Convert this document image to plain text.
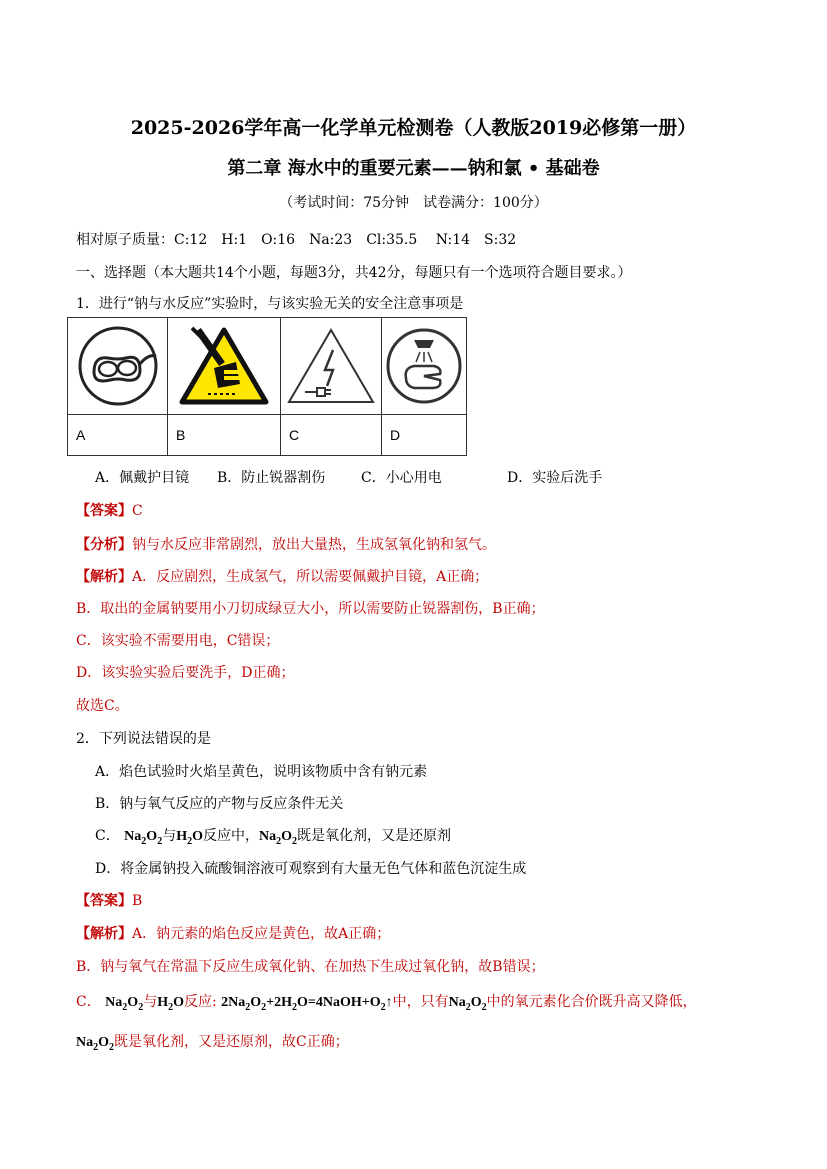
2025-2026学年高一化学单元检测卷（人教版2019必修第一册）
第二章 海水中的重要元素——钠和氯 • 基础卷
（考试时间：75分钟　试卷满分：100分）
相对原子质量：C:12　H:1　O:16　Na:23　Cl:35.5　 N:14　S:32
一、选择题（本大题共14个小题，每题3分，共42分，每题只有一个选项符合题目要求。）
1．进行“钠与水反应”实验时，与该实验无关的安全注意事项是

A	B	C	D
A．佩戴护目镜 B．防止锐器割伤	C．小心用电	D．实验后洗手
【答案】C
【分析】钠与水反应非常剧烈，放出大量热，生成氢氧化钠和氢气。
【解析】A．反应剧烈，生成氢气，所以需要佩戴护目镜，A正确；
B．取出的金属钠要用小刀切成绿豆大小，所以需要防止锐器割伤，B正确；
C．该实验不需要用电，C错误；
D．该实验实验后要洗手，D正确；
故选C。
2．下列说法错误的是
A．焰色试验时火焰呈黄色，说明该物质中含有钠元素
B．钠与氧气反应的产物与反应条件无关
C． $Na_2O_2$与$H_2O$反应中，$Na_2O_2$既是氧化剂，又是还原剂
D．将金属钠投入硫酸铜溶液可观察到有大量无色气体和蓝色沉淀生成
【答案】B
【解析】A．钠元素的焰色反应是黄色，故A正确；
B．钠与氧气在常温下反应生成氧化钠、在加热下生成过氧化钠，故B错误；
C． $Na_2O_2$与$H_2O$反应: $2Na_2O_2+2H_2O=4NaOH+O_2↑$中，只有$Na_2O_2$中的氧元素化合价既升高又降低，
$Na_2O_2$既是氧化剂，又是还原剂，故C正确；
